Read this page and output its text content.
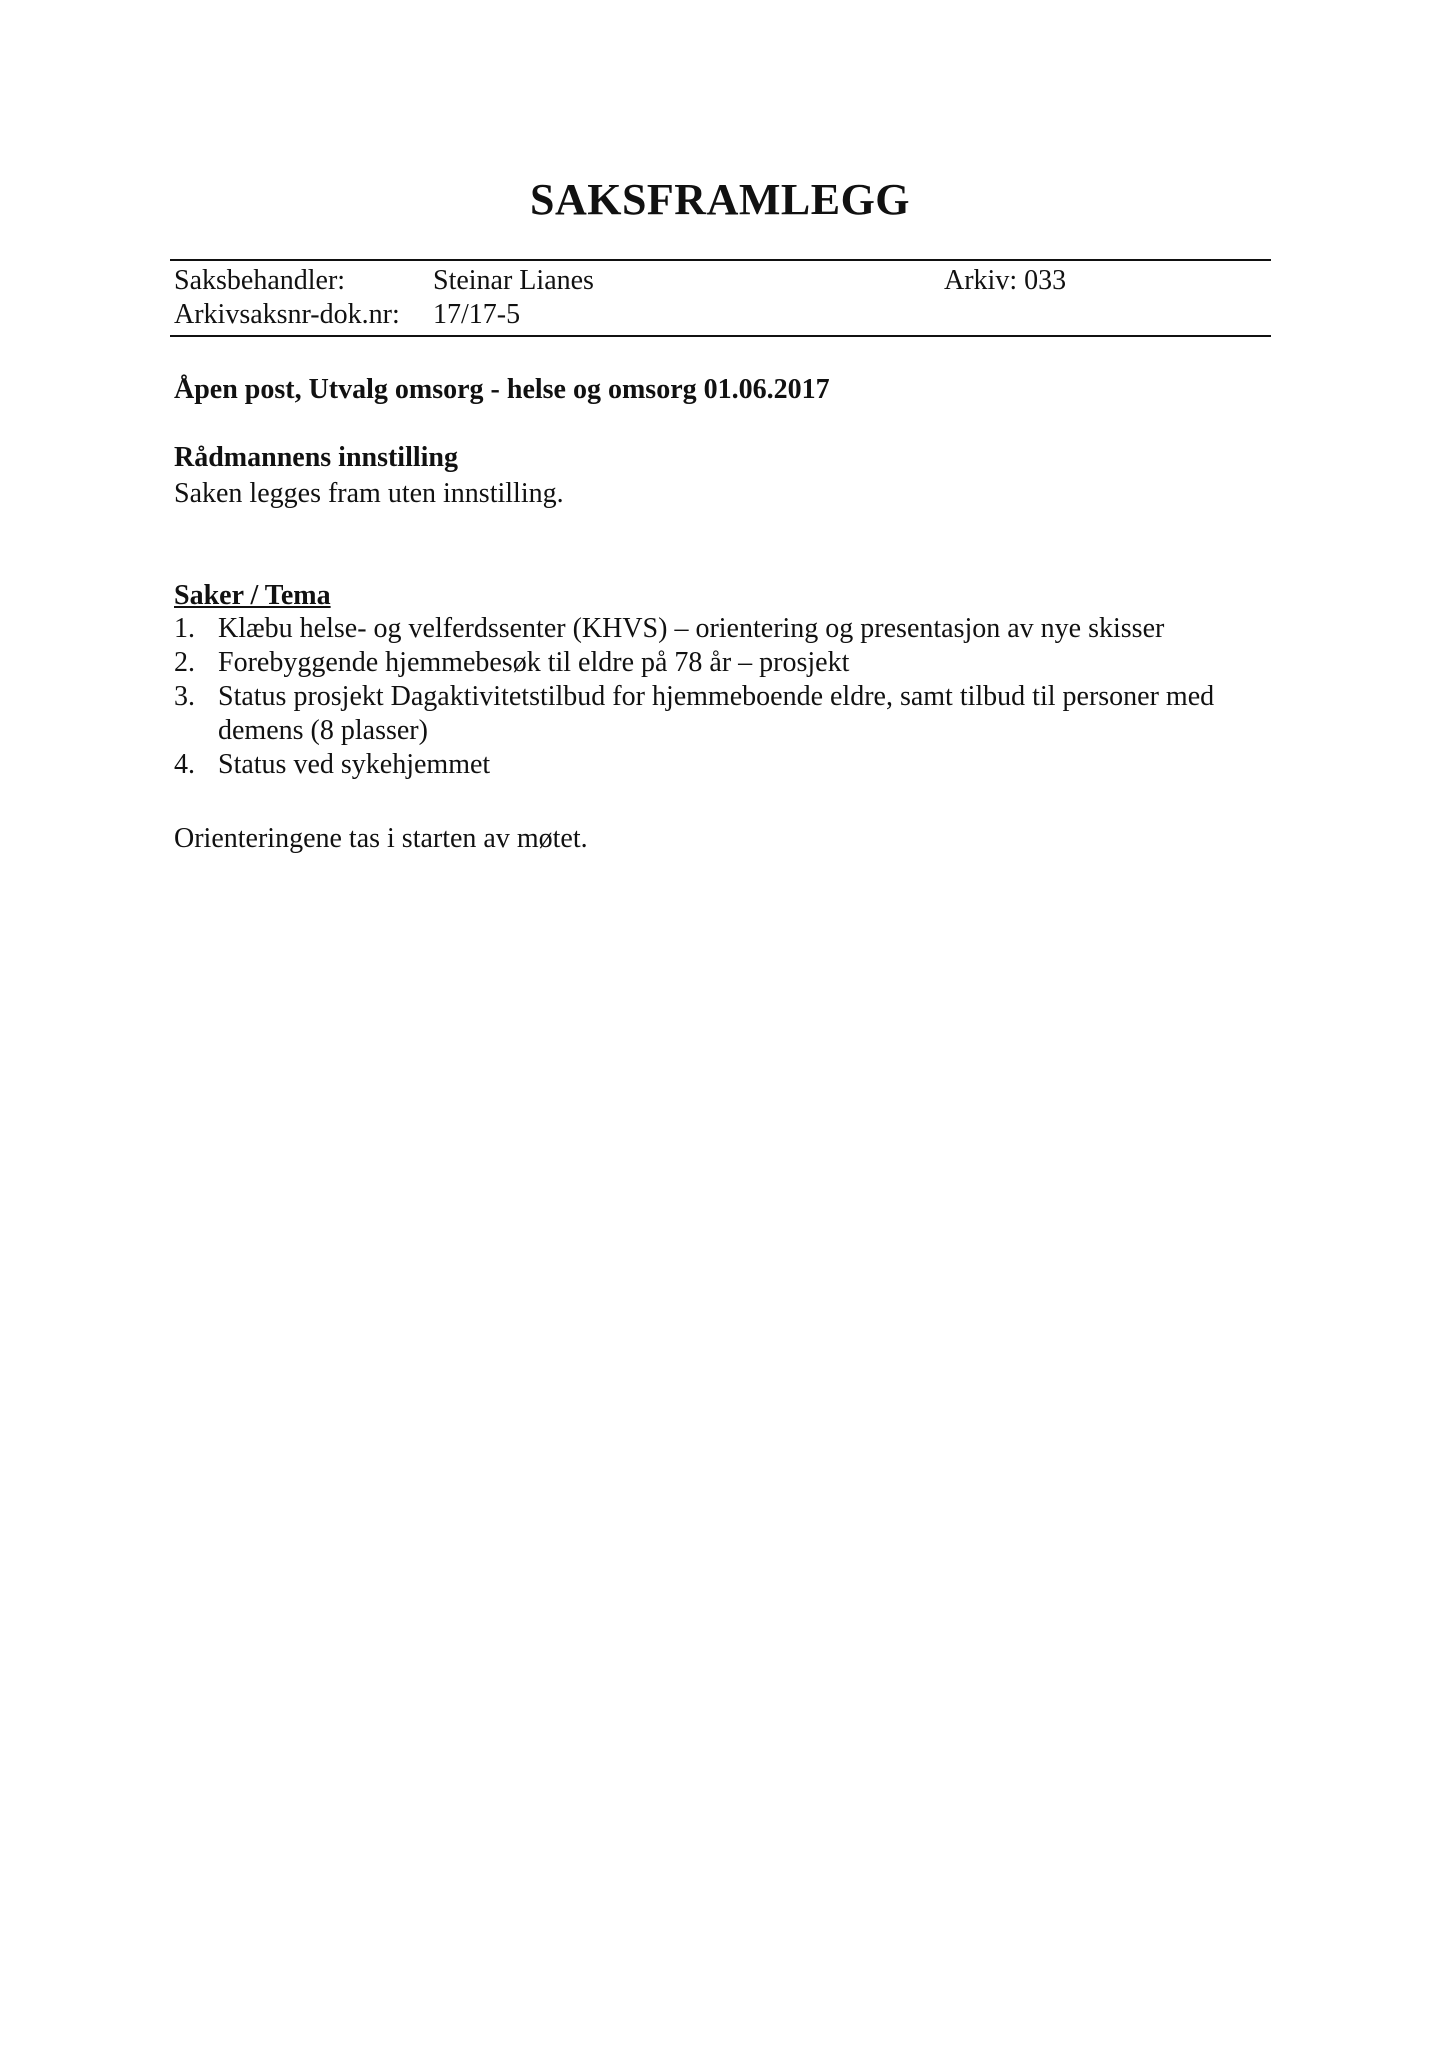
SAKSFRAMLEGG
Saksbehandler:	Steinar Lianes	Arkiv: 033
Arkivsaksnr-dok.nr: 17/17-5
Åpen post, Utvalg omsorg - helse og omsorg 01.06.2017
Rådmannens innstilling
Saken legges fram uten innstilling.
Saker / Tema
1. Klæbu helse- og velferdssenter (KHVS) – orientering og presentasjon av nye skisser
2. Forebyggende hjemmebesøk til eldre på 78 år – prosjekt
3. Status prosjekt Dagaktivitetstilbud for hjemmeboende eldre, samt tilbud til personer med demens (8 plasser)
4. Status ved sykehjemmet
Orienteringene tas i starten av møtet.
